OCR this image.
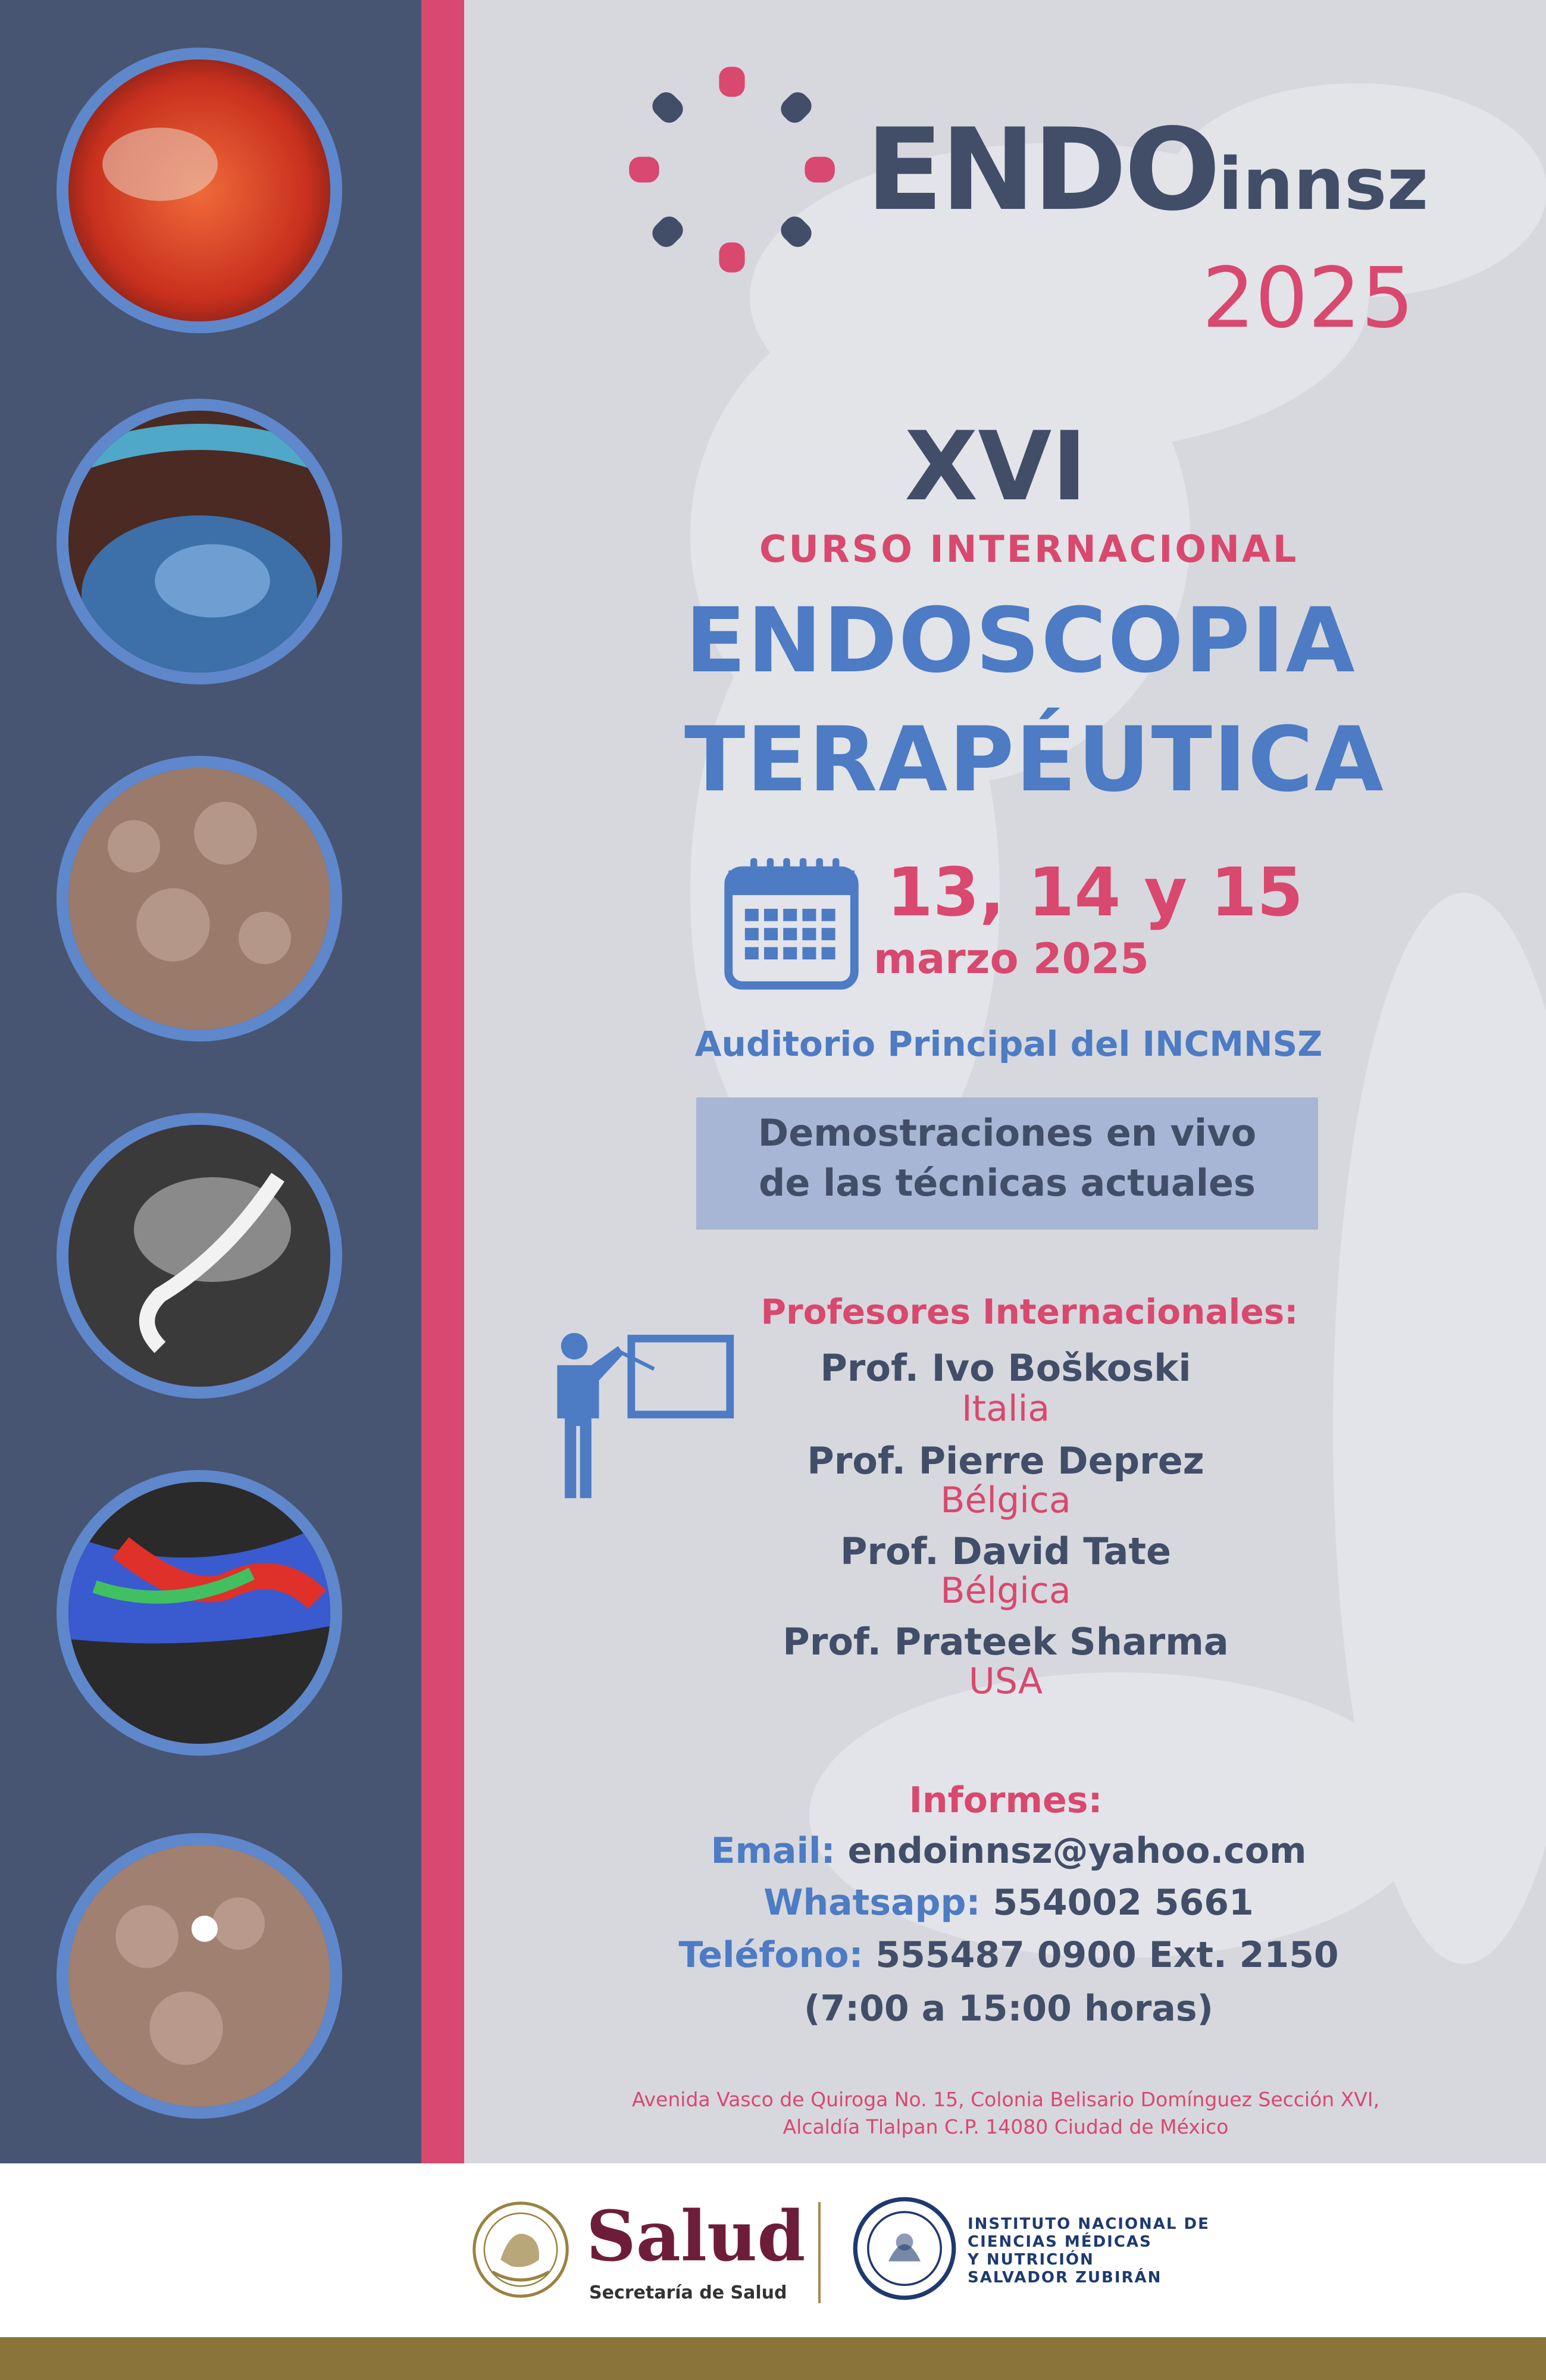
ENDOinnsz
2025
XVI
CURSO INTERNACIONAL
ENDOSCOPIA
TERAPÉUTICA
13, 14 y 15
marzo 2025
Auditorio Principal del INCMNSZ
Demostraciones en vivo
de las técnicas actuales
Profesores Internacionales:
Prof. Ivo Boškoski
Italia
Prof. Pierre Deprez
Bélgica
Prof. David Tate
Bélgica
Prof. Prateek Sharma
USA
Informes:
Email: endoinnsz@yahoo.com
Whatsapp: 554002 5661
Teléfono: 555487 0900 Ext. 2150
(7:00 a 15:00 horas)
Avenida Vasco de Quiroga No. 15, Colonia Belisario Domínguez Sección XVI,
Alcaldía Tlalpan C.P. 14080 Ciudad de México
Salud
Secretaría de Salud
INSTITUTO NACIONAL DE
CIENCIAS MÉDICAS
Y NUTRICIÓN
SALVADOR ZUBIRÁN
